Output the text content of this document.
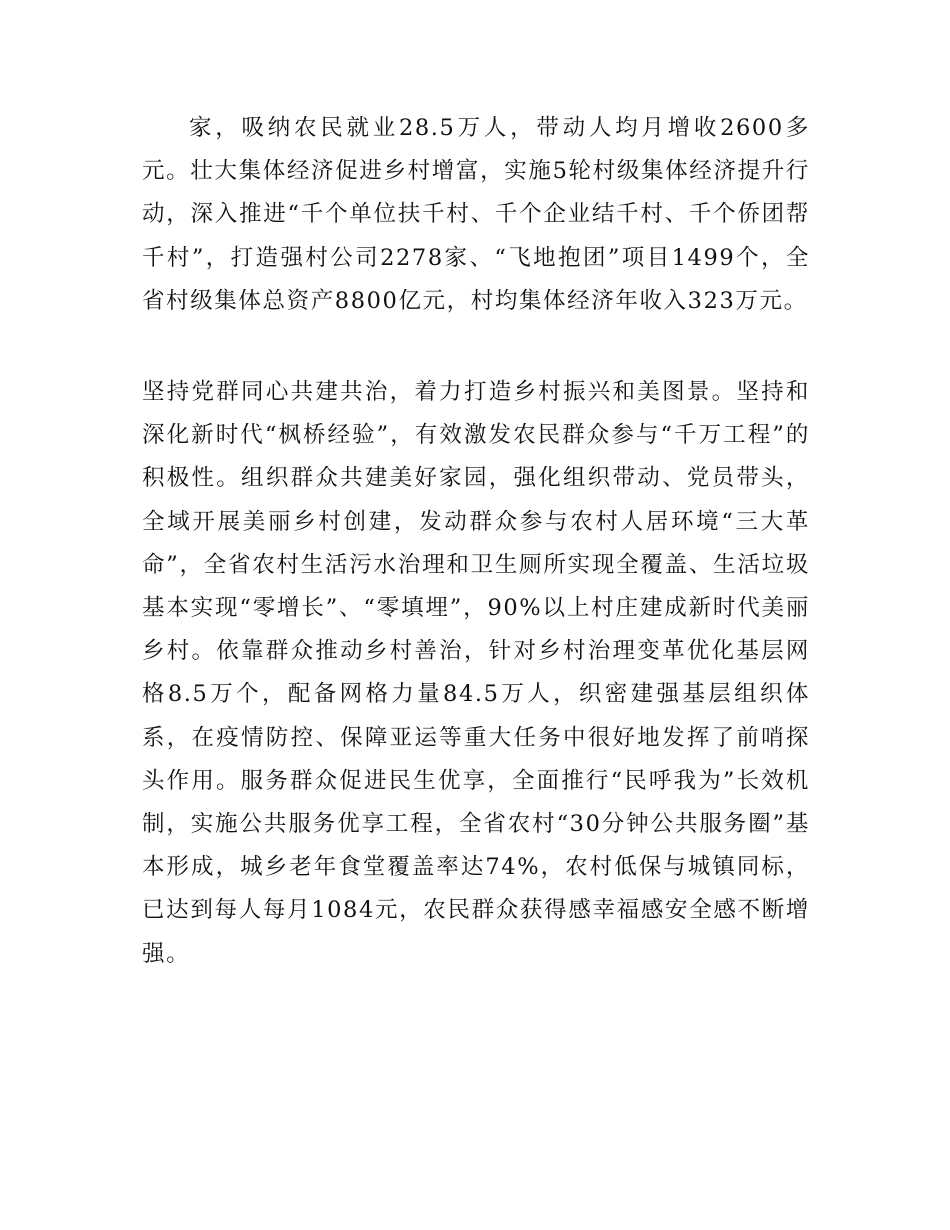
家，吸纳农民就业28.5万人，带动人均月增收2600多元。壮大集体经济促进乡村增富，实施5轮村级集体经济提升行动，深入推进“千个单位扶千村、千个企业结千村、千个侨团帮千村”，打造强村公司2278家、“飞地抱团”项目1499个，全省村级集体总资产8800亿元，村均集体经济年收入323万元。

坚持党群同心共建共治，着力打造乡村振兴和美图景。坚持和深化新时代“枫桥经验”，有效激发农民群众参与“千万工程”的积极性。组织群众共建美好家园，强化组织带动、党员带头，全域开展美丽乡村创建，发动群众参与农村人居环境“三大革命”，全省农村生活污水治理和卫生厕所实现全覆盖、生活垃圾基本实现“零增长”、“零填埋”，90%以上村庄建成新时代美丽乡村。依靠群众推动乡村善治，针对乡村治理变革优化基层网格8.5万个，配备网格力量84.5万人，织密建强基层组织体系，在疫情防控、保障亚运等重大任务中很好地发挥了前哨探头作用。服务群众促进民生优享，全面推行“民呼我为”长效机制，实施公共服务优享工程，全省农村“30分钟公共服务圈”基本形成，城乡老年食堂覆盖率达74%，农村低保与城镇同标，已达到每人每月1084元，农民群众获得感幸福感安全感不断增强。
